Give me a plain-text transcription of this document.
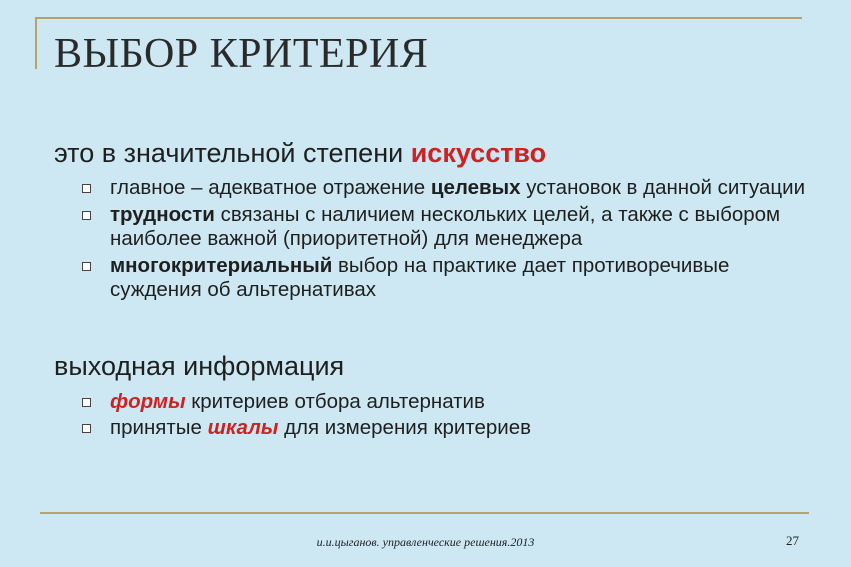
ВЫБОР КРИТЕРИЯ
это в значительной степени искусство
главное – адекватное отражение целевых установок в данной ситуации
трудности связаны с наличием нескольких целей, а также с выбором наиболее важной (приоритетной) для менеджера
многокритериальный выбор на практике дает противоречивые суждения об альтернативах
выходная информация
формы критериев отбора альтернатив
принятые шкалы для измерения критериев
и.и.цыганов. управленческие решения.2013	27
